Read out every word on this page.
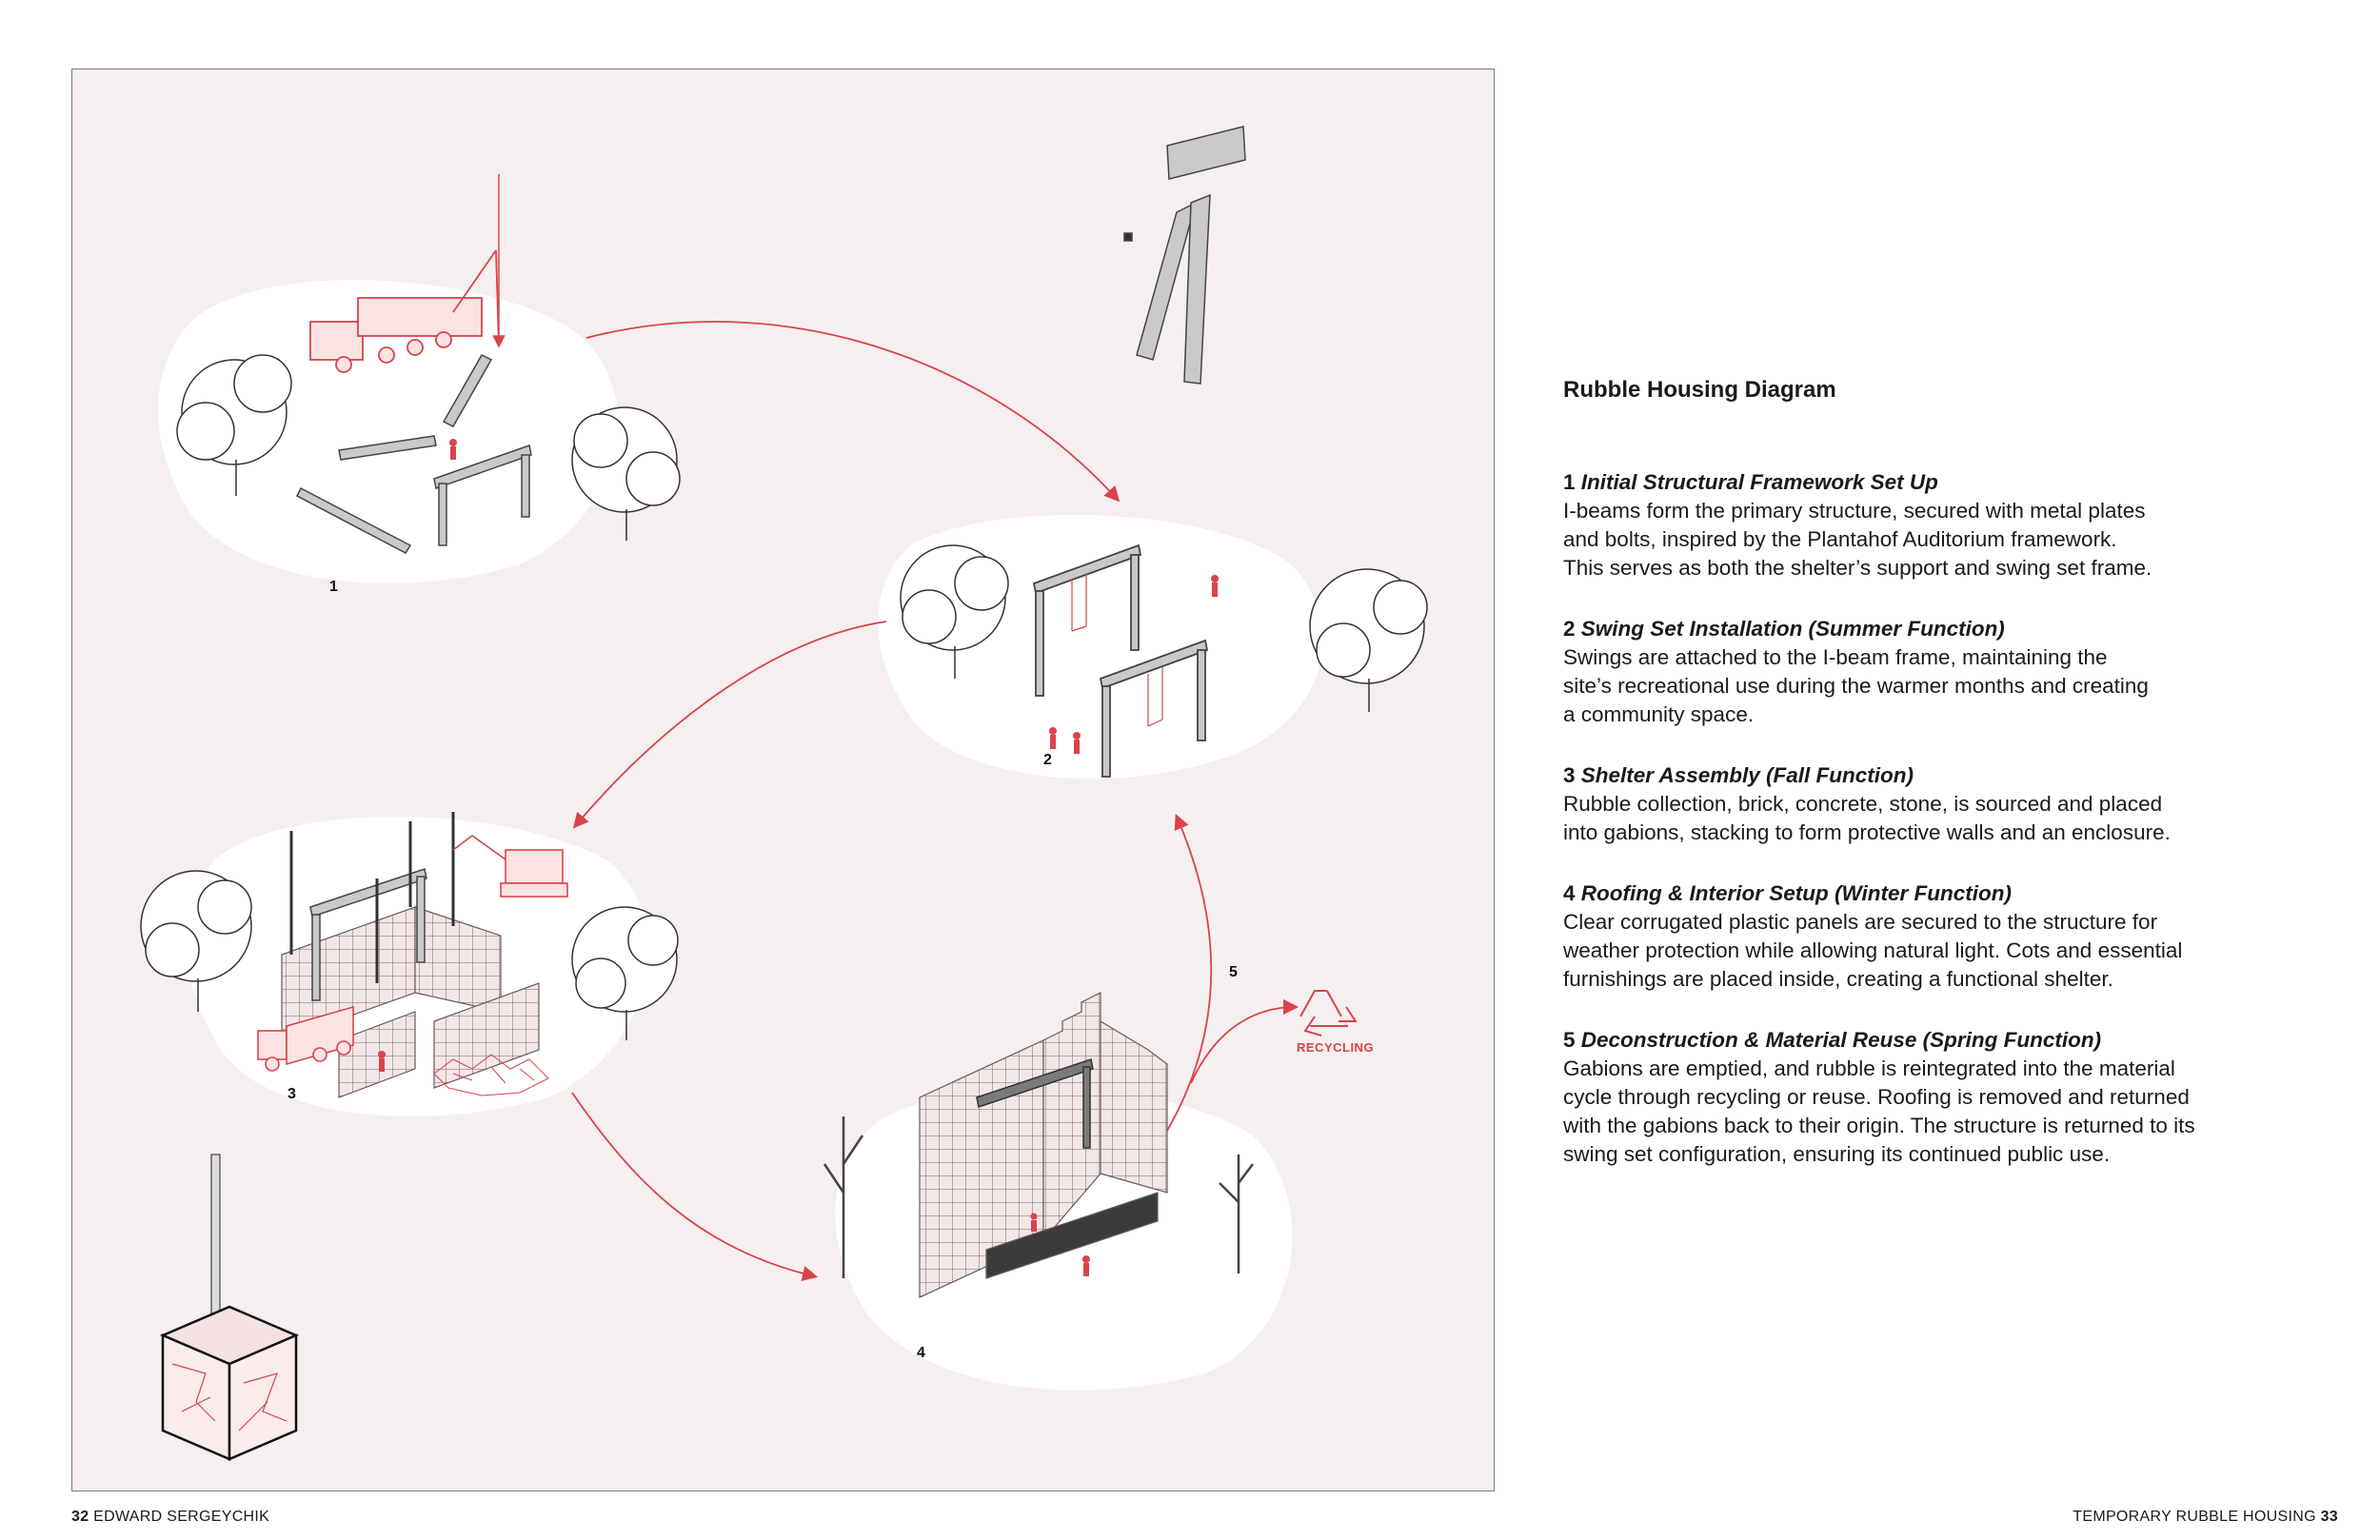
1
2
3
4
5
RECYCLING
Rubble Housing Diagram
1 Initial Structural Framework Set Up
I-beams form the primary structure, secured with metal plates
and bolts, inspired by the Plantahof Auditorium framework.
This serves as both the shelter’s support and swing set frame.
2 Swing Set Installation (Summer Function)
Swings are attached to the I-beam frame, maintaining the
site’s recreational use during the warmer months and creating
a community space.
3 Shelter Assembly (Fall Function)
Rubble collection, brick, concrete, stone, is sourced and placed
into gabions, stacking to form protective walls and an enclosure.
4 Roofing & Interior Setup (Winter Function)
Clear corrugated plastic panels are secured to the structure for
weather protection while allowing natural light. Cots and essential
furnishings are placed inside, creating a functional shelter.
5 Deconstruction & Material Reuse (Spring Function)
Gabions are emptied, and rubble is reintegrated into the material
cycle through recycling or reuse. Roofing is removed and returned
with the gabions back to their origin. The structure is returned to its
swing set configuration, ensuring its continued public use.
32 EDWARD SERGEYCHIK	TEMPORARY RUBBLE HOUSING 33
